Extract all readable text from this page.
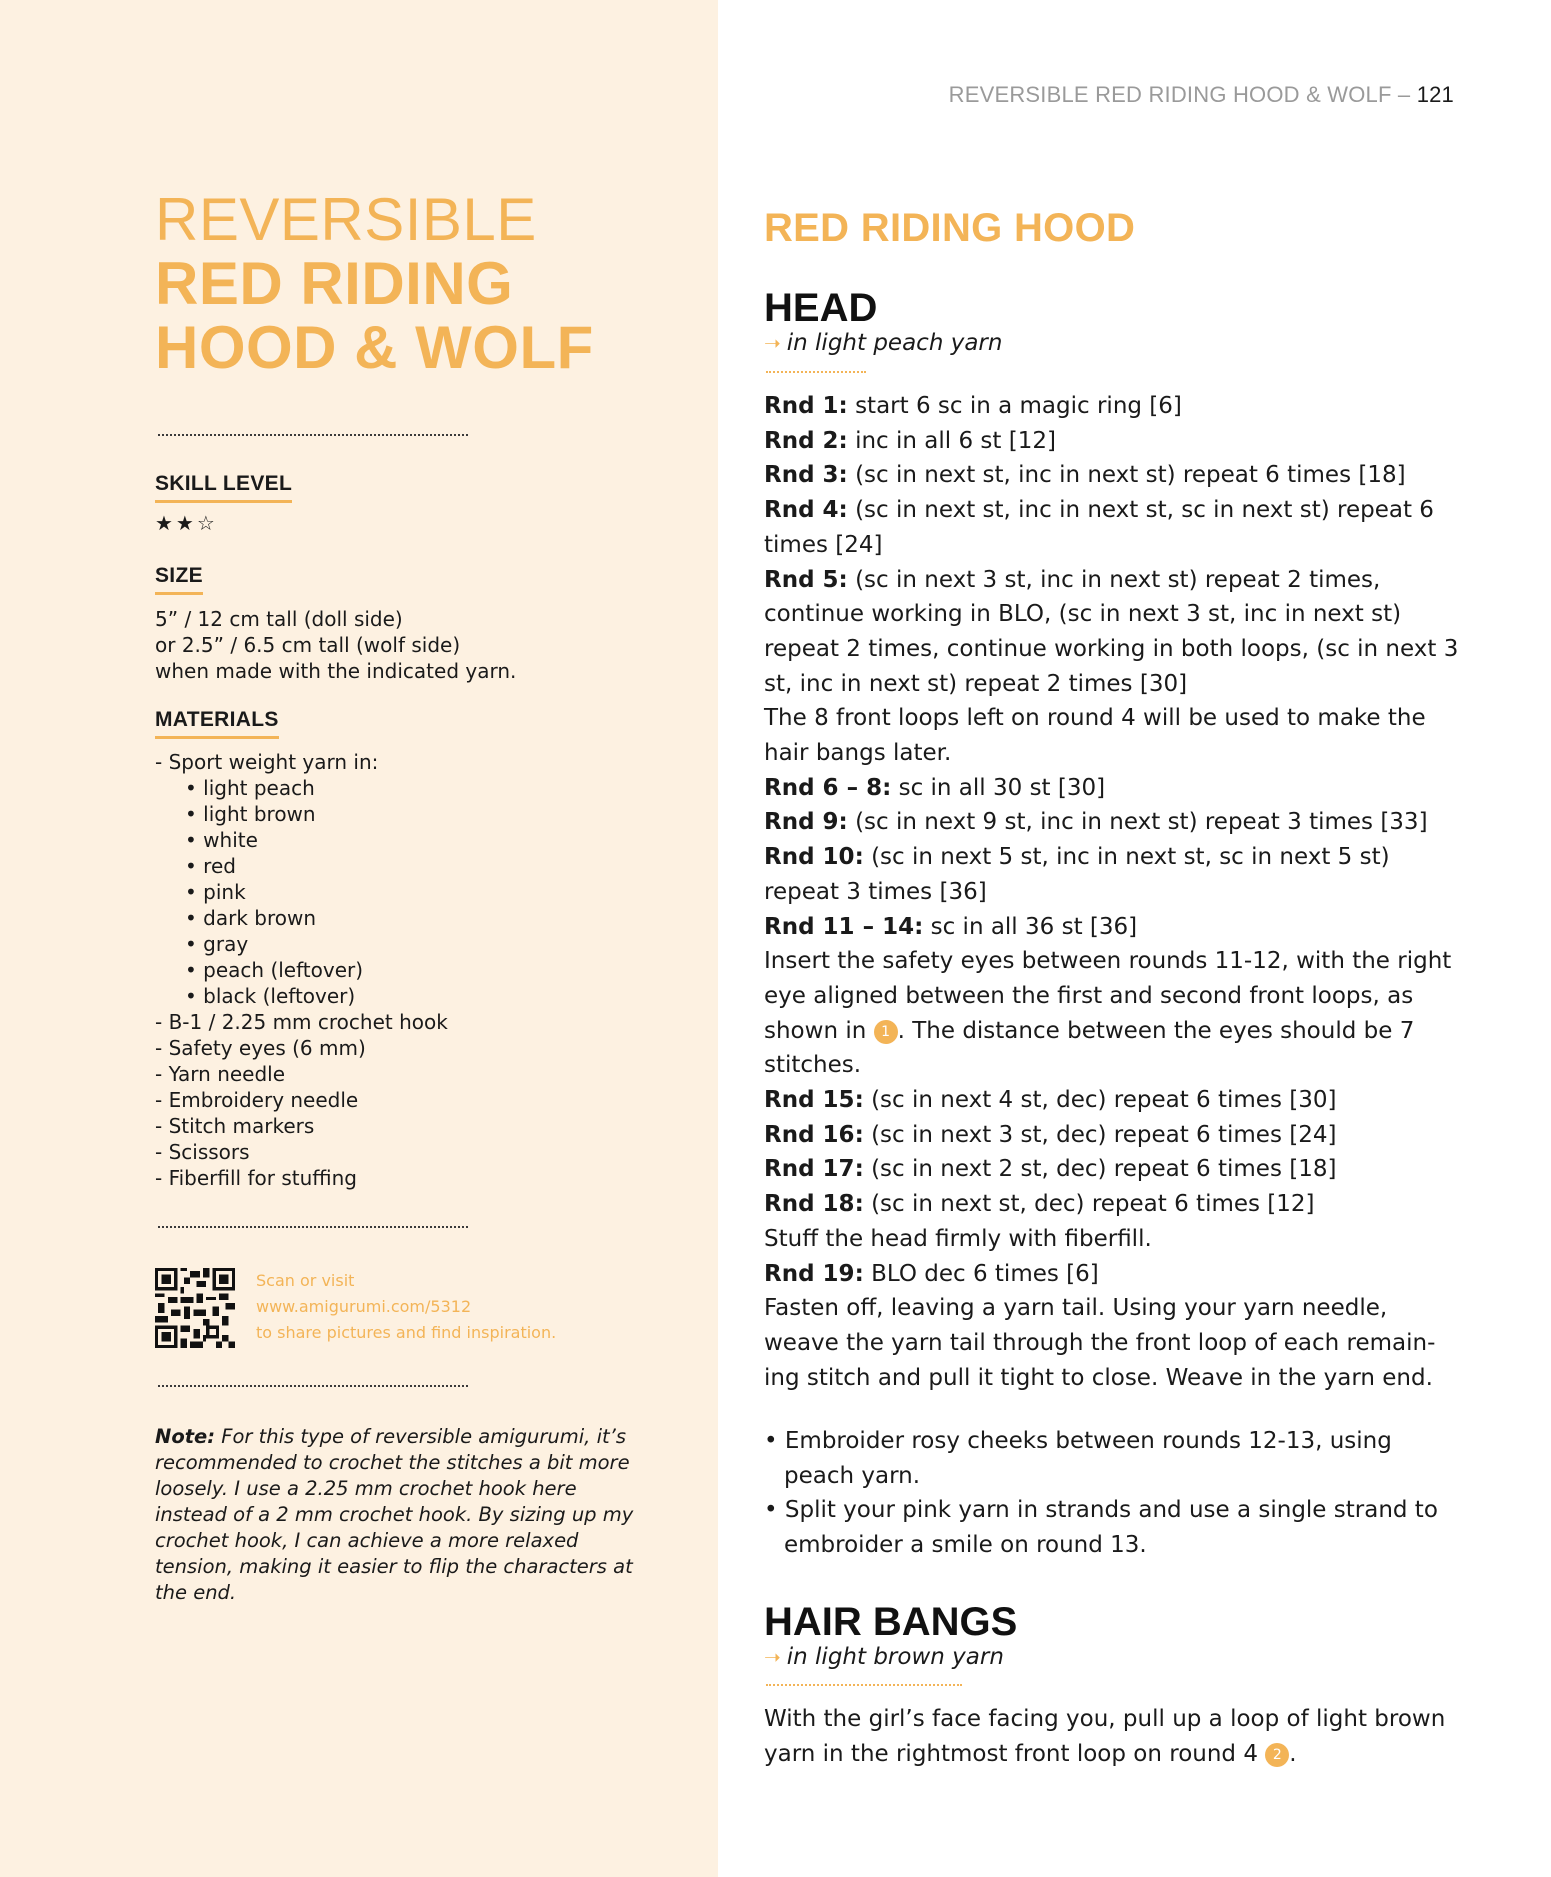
REVERSIBLE RED RIDING HOOD & WOLF – 121

REVERSIBLE
RED RIDING
HOOD & WOLF
SKILL LEVEL
★★☆
SIZE

5” / 12 cm tall (doll side)
or 2.5” / 6.5 cm tall (wolf side)
when made with the indicated yarn.

MATERIALS
- Sport weight yarn in:
• light peach
• light brown
• white
• red
• pink
• dark brown
• gray
• peach (leftover)
• black (leftover)
- B-1 / 2.25 mm crochet hook
- Safety eyes (6 mm)
- Yarn needle
- Embroidery needle
- Stitch markers
- Scissors
- Fiberfill for stuffing

Scan or visit
www.amigurumi.com/5312
to share pictures and find inspiration.

Note: For this type of reversible amigurumi, it’s recommended to crochet the stitches a bit more loosely. I use a 2.25 mm crochet hook here instead of a 2 mm crochet hook. By sizing up my crochet hook, I can achieve a more relaxed tension, making it easier to flip the characters at the end.

RED RIDING HOOD
HEAD

➝ in light peach yarn

Rnd 1: start 6 sc in a magic ring [6]
Rnd 2: inc in all 6 st [12]
Rnd 3: (sc in next st, inc in next st) repeat 6 times [18]
Rnd 4: (sc in next st, inc in next st, sc in next st) repeat 6 times [24]
Rnd 5: (sc in next 3 st, inc in next st) repeat 2 times, continue working in BLO, (sc in next 3 st, inc in next st) repeat 2 times, continue working in both loops, (sc in next 3 st, inc in next st) repeat 2 times [30]
The 8 front loops left on round 4 will be used to make the hair bangs later.
Rnd 6 – 8: sc in all 30 st [30]
Rnd 9: (sc in next 9 st, inc in next st) repeat 3 times [33]
Rnd 10: (sc in next 5 st, inc in next st, sc in next 5 st) repeat 3 times [36]
Rnd 11 – 14: sc in all 36 st [36]
Insert the safety eyes between rounds 11-12, with the right eye aligned between the first and second front loops, as shown in 1 . The distance between the eyes should be 7 stitches.
Rnd 15: (sc in next 4 st, dec) repeat 6 times [30]
Rnd 16: (sc in next 3 st, dec) repeat 6 times [24]
Rnd 17: (sc in next 2 st, dec) repeat 6 times [18]
Rnd 18: (sc in next st, dec) repeat 6 times [12]
Stuff the head firmly with fiberfill.
Rnd 19: BLO dec 6 times [6]
Fasten off, leaving a yarn tail. Using your yarn needle, weave the yarn tail through the front loop of each remain-ing stitch and pull it tight to close. Weave in the yarn end.
• Embroider rosy cheeks between rounds 12-13, using peach yarn.
• Split your pink yarn in strands and use a single strand to embroider a smile on round 13.
HAIR BANGS

➝ in light brown yarn

With the girl’s face facing you, pull up a loop of light brown yarn in the rightmost front loop on round 4 2 .
